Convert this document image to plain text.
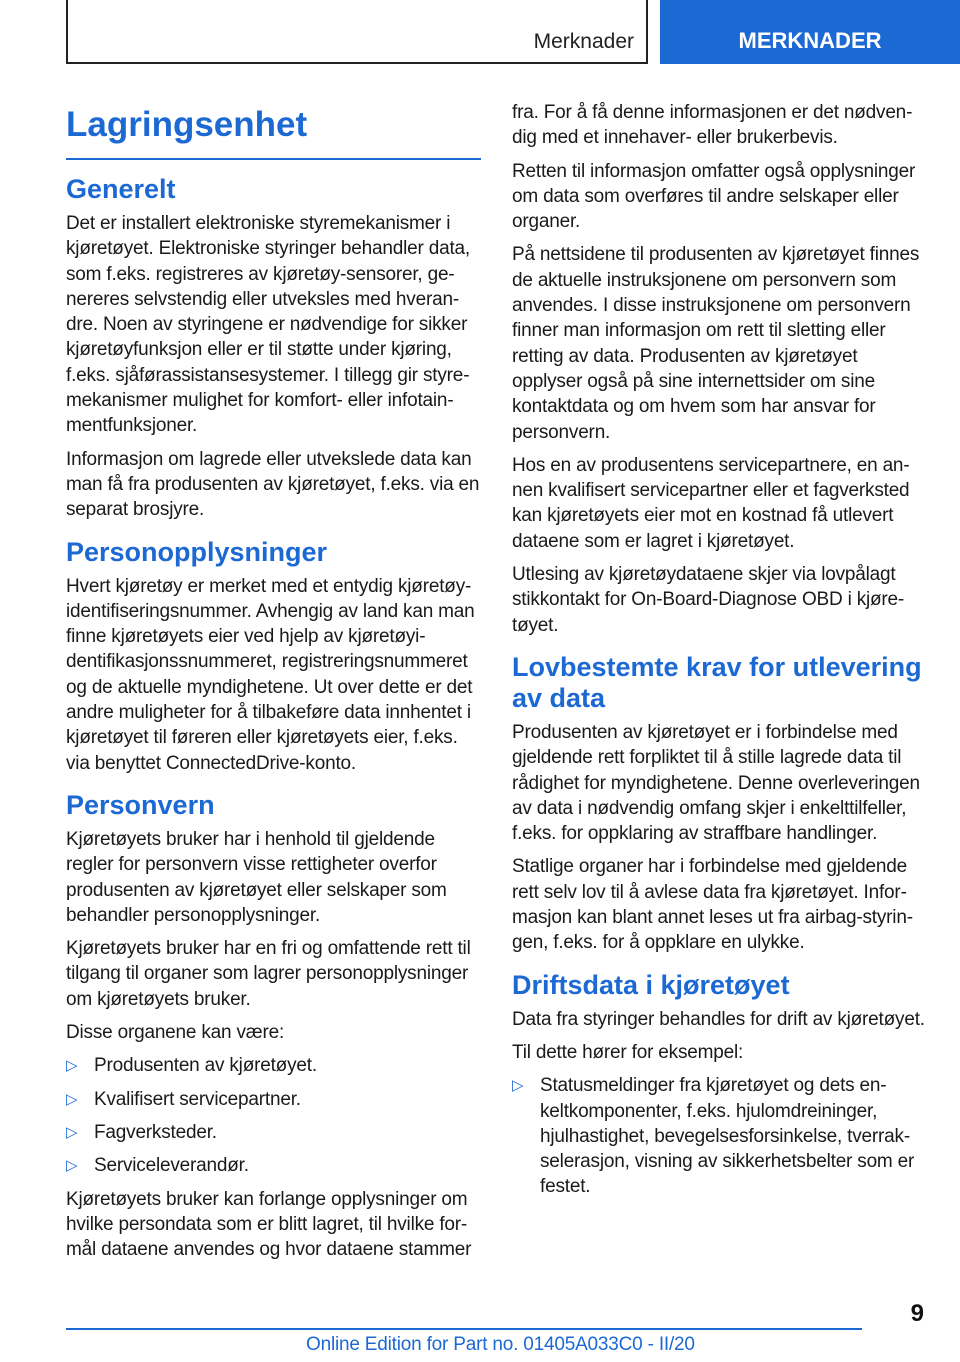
Merknader	MERKNADER
Lagringsenhet
Generelt

Det er installert elektroniske styremekanismer i kjøretøyet. Elektroniske styringer behandler data, som f.eks. registreres av kjøretøy-sensorer, genereres selvstendig eller utveksles med hverandre. Noen av styringene er nødvendige for sikker kjøretøyfunksjon eller er til støtte under kjøring, f.eks. sjåførassistansesystemer. I tillegg gir styremekanismer mulighet for komfort- eller infotainmentfunksjoner.

Informasjon om lagrede eller utvekslede data kan man få fra produsenten av kjøretøyet, f.eks. via en separat brosjyre.

Personopplysninger

Hvert kjøretøy er merket med et entydig kjøretøy-identifiseringsnummer. Avhengig av land kan man finne kjøretøyets eier ved hjelp av kjøretøyidentifikasjonssnummeret, registreringsnummeret og de aktuelle myndighetene. Ut over dette er det andre muligheter for å tilbakeføre data innhentet i kjøretøyet til føreren eller kjøretøyets eier, f.eks. via benyttet ConnectedDrive-konto.

Personvern

Kjøretøyets bruker har i henhold til gjeldende regler for personvern visse rettigheter overfor produsenten av kjøretøyet eller selskaper som behandler personopplysninger.

Kjøretøyets bruker har en fri og omfattende rett til tilgang til organer som lagrer personopplysninger om kjøretøyets bruker.

Disse organene kan være:

▷ Produsenten av kjøretøyet.
▷ Kvalifisert servicepartner.
▷ Fagverksteder.
▷ Serviceleverandør.

Kjøretøyets bruker kan forlange opplysninger om hvilke persondata som er blitt lagret, til hvilke formål dataene anvendes og hvor dataene stammer

fra. For å få denne informasjonen er det nødvendig med et innehaver- eller brukerbevis.

Retten til informasjon omfatter også opplysninger om data som overføres til andre selskaper eller organer.

På nettsidene til produsenten av kjøretøyet finnes de aktuelle instruksjonene om personvern som anvendes. I disse instruksjonene om personvern finner man informasjon om rett til sletting eller retting av data. Produsenten av kjøretøyet opplyser også på sine internettsider om sine kontaktdata og om hvem som har ansvar for personvern.

Hos en av produsentens servicepartnere, en annen kvalifisert servicepartner eller et fagverksted kan kjøretøyets eier mot en kostnad få utlevert dataene som er lagret i kjøretøyet.

Utlesing av kjøretøydataene skjer via lovpålagt stikkontakt for On-Board-Diagnose OBD i kjøretøyet.

Lovbestemte krav for utlevering av data

Produsenten av kjøretøyet er i forbindelse med gjeldende rett forpliktet til å stille lagrede data til rådighet for myndighetene. Denne overleveringen av data i nødvendig omfang skjer i enkelttilfeller, f.eks. for oppklaring av straffbare handlinger.

Statlige organer har i forbindelse med gjeldende rett selv lov til å avlese data fra kjøretøyet. Informasjon kan blant annet leses ut fra airbag-styringen, f.eks. for å oppklare en ulykke.

Driftsdata i kjøretøyet

Data fra styringer behandles for drift av kjøretøyet.

Til dette hører for eksempel:

▷ Statusmeldinger fra kjøretøyet og dets enkeltkomponenter, f.eks. hjulomdreininger, hjulhastighet, bevegelsesforsinkelse, tverrakselerasjon, visning av sikkerhetsbelter som er festet.
9
Online Edition for Part no. 01405A033C0 - II/20
